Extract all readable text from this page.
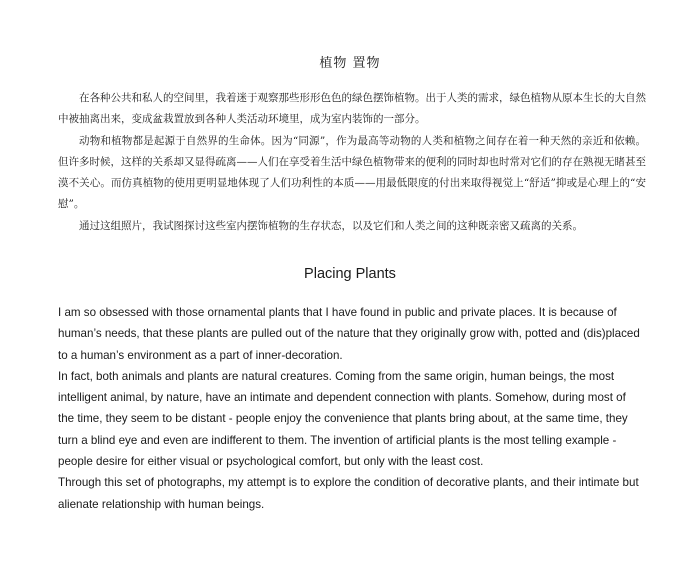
植物 置物

在各种公共和私人的空间里，我着迷于观察那些形形色色的绿色摆饰植物。出于人类的需求，绿色植物从原本生长的大自然中被抽离出来，变成盆栽置放到各种人类活动环境里，成为室内装饰的一部分。

动物和植物都是起源于自然界的生命体。因为“同源”，作为最高等动物的人类和植物之间存在着一种天然的亲近和依赖。但许多时候，这样的关系却又显得疏离——人们在享受着生活中绿色植物带来的便利的同时却也时常对它们的存在熟视无睹甚至漠不关心。而仿真植物的使用更明显地体现了人们功利性的本质——用最低限度的付出来取得视觉上“舒适”抑或是心理上的“安慰”。

通过这组照片，我试图探讨这些室内摆饰植物的生存状态，以及它们和人类之间的这种既亲密又疏离的关系。

Placing Plants

I am so obsessed with those ornamental plants that I have found in public and private places. It is because of human’s needs, that these plants are pulled out of the nature that they originally grow with, potted and (dis)placed to a human’s environment as a part of inner-decoration.

In fact, both animals and plants are natural creatures. Coming from the same origin, human beings, the most intelligent animal, by nature, have an intimate and dependent connection with plants. Somehow, during most of the time, they seem to be distant - people enjoy the convenience that plants bring about, at the same time, they turn a blind eye and even are indifferent to them. The invention of artificial plants is the most telling example - people desire for either visual or psychological comfort, but only with the least cost.

Through this set of photographs, my attempt is to explore the condition of decorative plants, and their intimate but alienate relationship with human beings.
